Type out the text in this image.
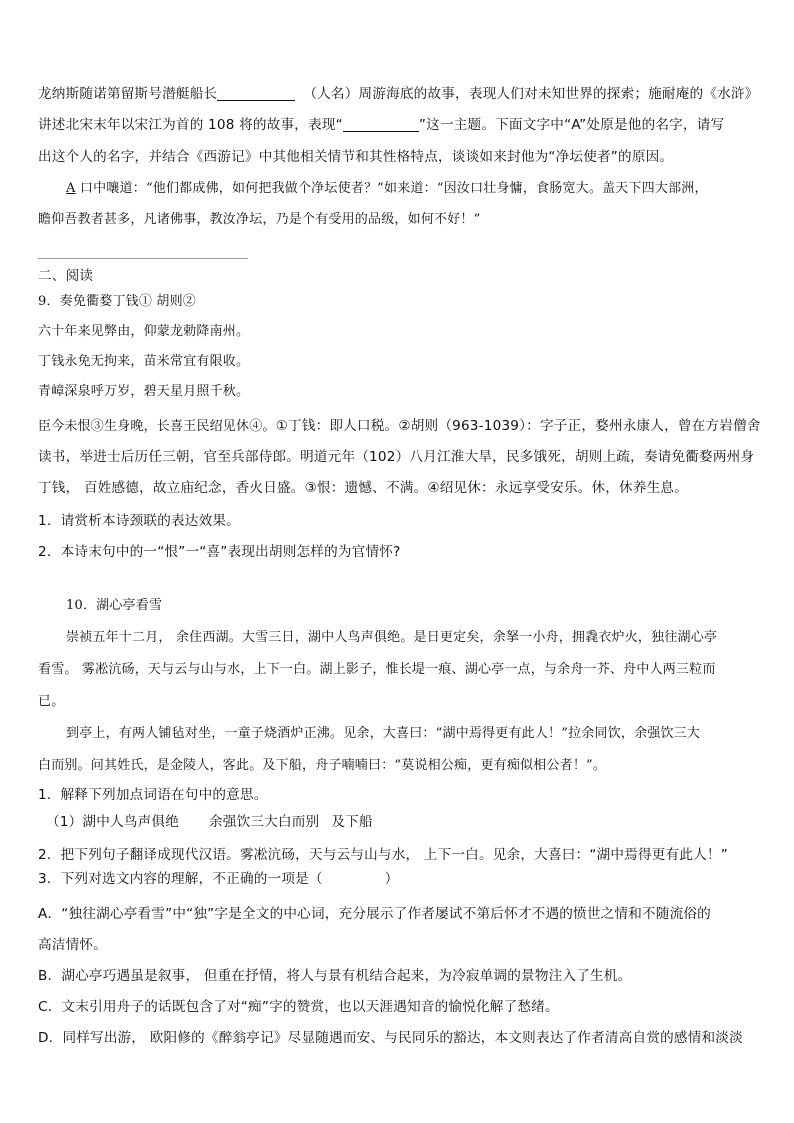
龙纳斯随诺第留斯号潜艇船长	（人名）周游海底的故事，表现人们对未知世界的探索；施耐庵的《水浒》
讲述北宋末年以宋江为首的 108 将的故事，表现“	”这一主题。下面文字中“A”处原是他的名字，请写
出这个人的名字，并结合《西游记》中其他相关情节和其性格特点，谈谈如来封他为“净坛使者”的原因。
A 口中嚷道：“他们都成佛，如何把我做个净坛使者？”如来道：“因汝口壮身慵，食肠宽大。盖天下四大部洲，
瞻仰吾教者甚多，凡诸佛事，教汝净坛，乃是个有受用的品级，如何不好！”
二、阅读
9．奏免衢婺丁钱① 胡则②
六十年来见弊由，仰蒙龙勅降南州。
丁钱永免无拘来，苗米常宜有限收。
青嶂深泉呼万岁，碧天星月照千秋。
臣今未恨③生身晚，长喜王民绍见休④。①丁钱：即人口税。②胡则（963-1039）：字子正，婺州永康人，曾在方岩僧舍
读书，举进士后历任三朝，官至兵部侍郎。明道元年（102）八月江淮大旱，民多饿死，胡则上疏，奏请免衢婺两州身
丁钱， 百姓感德，故立庙纪念，香火日盛。③恨：遗憾、不满。④绍见休：永远享受安乐。休，休养生息。
1．请赏析本诗颈联的表达效果。
2．本诗末句中的一“恨”一“喜”表现出胡则怎样的为官情怀?
10．湖心亭看雪
崇祯五年十二月， 余住西湖。大雪三日，湖中人鸟声俱绝。是日更定矣，余拏一小舟，拥毳衣炉火，独往湖心亭
看雪。 雾凇沆砀，天与云与山与水，上下一白。湖上影子，惟长堤一痕、湖心亭一点，与余舟一芥、舟中人两三粒而
已。
到亭上，有两人铺毡对坐，一童子烧酒炉正沸。见余，大喜曰：“湖中焉得更有此人！”拉余同饮，余强饮三大
白而别。问其姓氏，是金陵人，客此。及下船，舟子喃喃曰：“莫说相公痴，更有痴似相公者！”。
1．解释下列加点词语在句中的意思。
（1）湖中人鸟声俱绝 余强饮三大白而别 及下船
2．把下列句子翻译成现代汉语。雾凇沆砀，天与云与山与水， 上下一白。见余，大喜曰：“湖中焉得更有此人！”
3．下列对选文内容的理解，不正确的一项是（	）
A．“独往湖心亭看雪”中“独”字是全文的中心词，充分展示了作者屡试不第后怀才不遇的愤世之情和不随流俗的
高洁情怀。
B．湖心亭巧遇虽是叙事， 但重在抒情，将人与景有机结合起来，为冷寂单调的景物注入了生机。
C．文末引用舟子的话既包含了对“痴”字的赞赏，也以天涯遇知音的愉悦化解了愁绪。
D．同样写出游， 欧阳修的《醉翁亭记》尽显随遇而安、与民同乐的豁达，本文则表达了作者清高自赏的感情和淡淡
